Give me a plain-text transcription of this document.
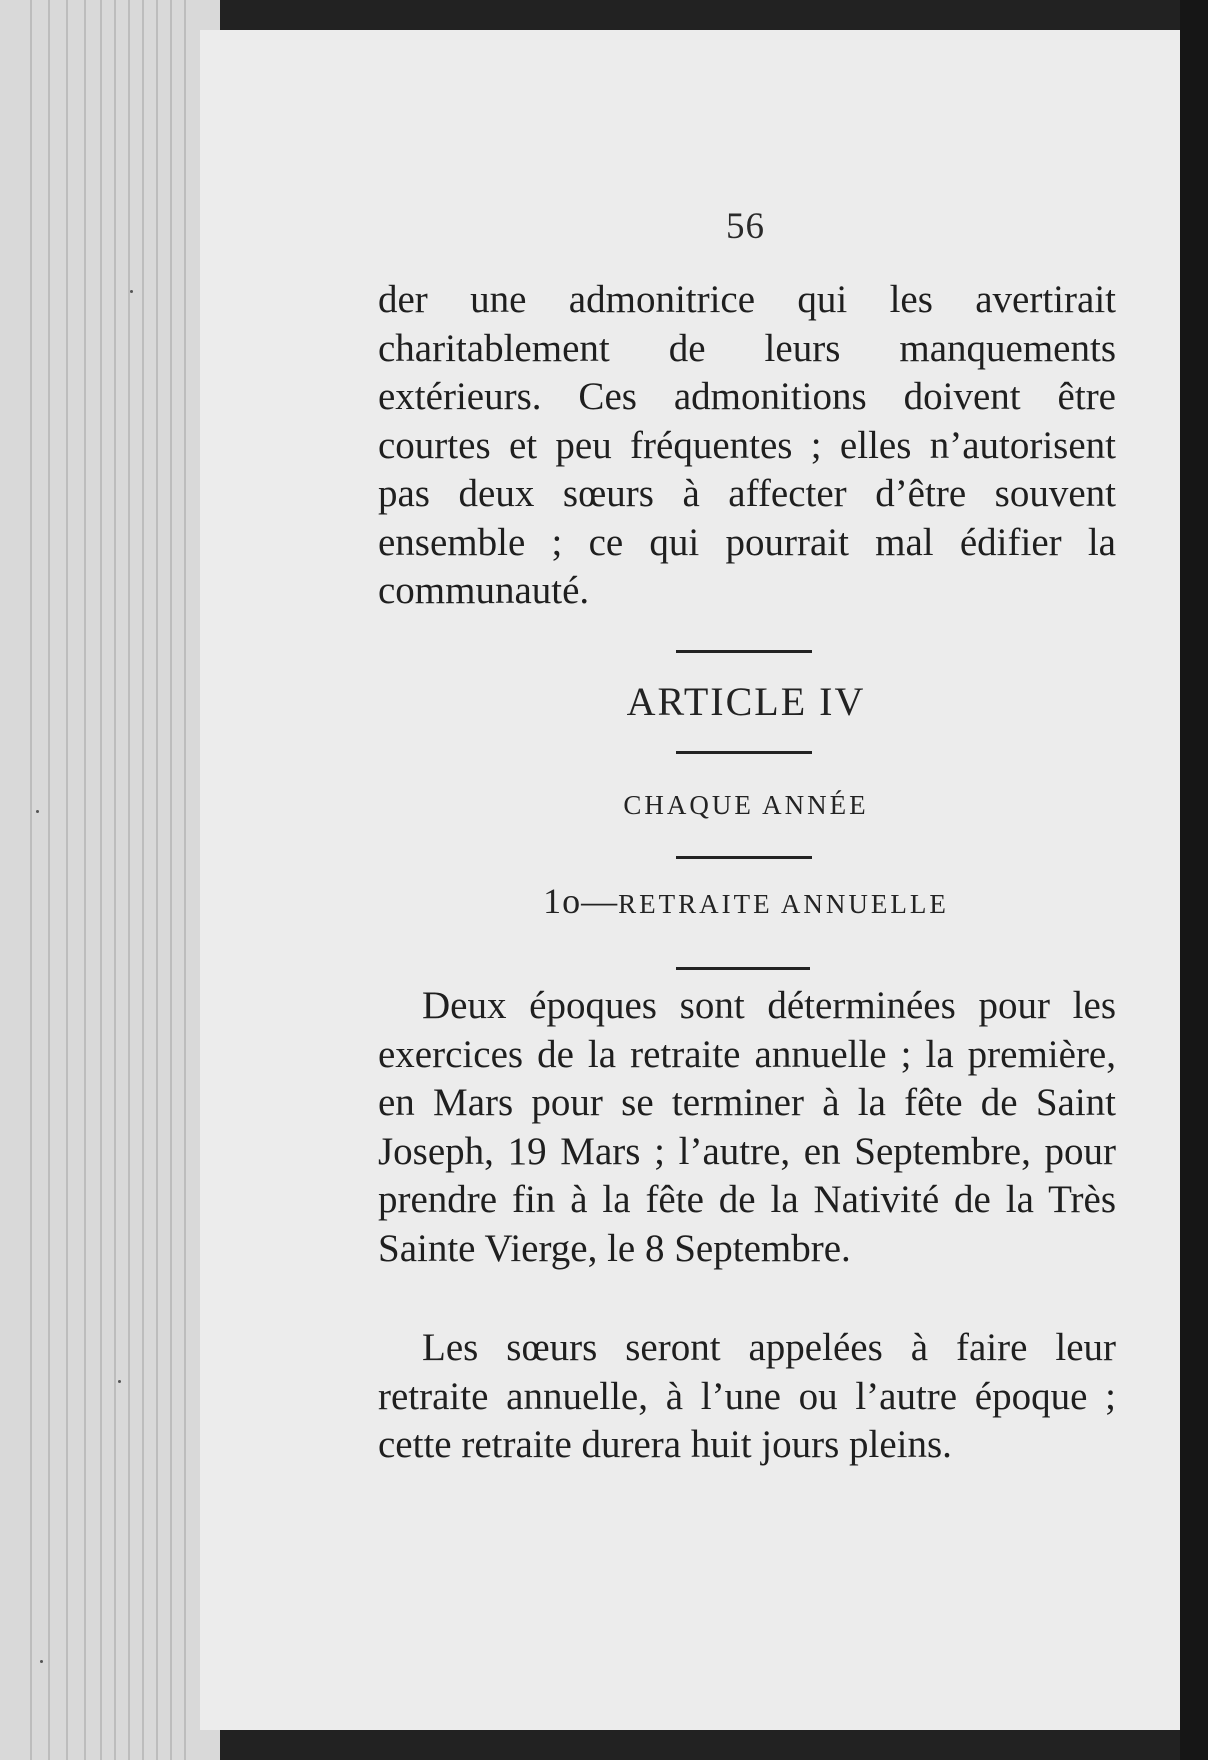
56

der une admonitrice qui les avertirait charitablement de leurs manquements extérieurs. Ces admonitions doivent être courtes et peu fréquentes ; elles n’autorisent pas deux sœurs à affecter d’être souvent ensemble ; ce qui pourrait mal édifier la communauté.

ARTICLE IV
CHAQUE ANNÉE
1o—RETRAITE ANNUELLE

Deux époques sont déterminées pour les exercices de la retraite annuelle ; la première, en Mars pour se terminer à la fête de Saint Joseph, 19 Mars ; l’autre, en Septembre, pour prendre fin à la fête de la Nativité de la Très Sainte Vierge, le 8 Septembre.

Les sœurs seront appelées à faire leur retraite annuelle, à l’une ou l’autre époque ; cette retraite durera huit jours pleins.
